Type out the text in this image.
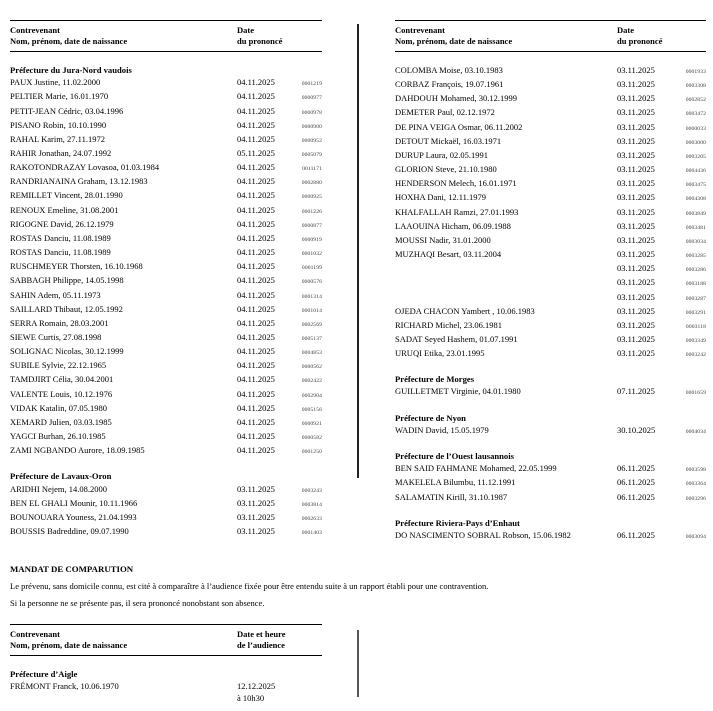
Contrevenant
Nom, prénom, date de naissance
Date
du prononcé
Préfecture du Jura-Nord vaudois
PAUX Justine, 11.02.2000	04.11.2025	0001219
PELTIER Marie, 16.01.1970	04.11.2025	0000977
PETIT-JEAN Cédric, 03.04.1996	04.11.2025	0000978
PISANO Robin, 10.10.1990	04.11.2025	0000900
RAHAL Karim, 27.11.1972	04.11.2025	0000952
RAHIR Jonathan, 24.07.1992	05.11.2025	0005079
RAKOTONDRAZAY Lovasoa, 01.03.1984	04.11.2025	0011171
RANDRIANAINA Graham, 13.12.1983	04.11.2025	0002880
REMILLET Vincent, 28.01.1990	04.11.2025	0000925
RENOUX Emeline, 31.08.2001	04.11.2025	0001226
RIGOGNE David, 26.12.1979	04.11.2025	0000877
ROSTAS Danciu, 11.08.1989	04.11.2025	0000919
ROSTAS Danciu, 11.08.1989	04.11.2025	0001032
RUSCHMEYER Thorsten, 16.10.1968	04.11.2025	0001199
SABBAGH Philippe, 14.05.1998	04.11.2025	0000576
SAHIN Adem, 05.11.1973	04.11.2025	0001314
SAILLARD Thibaut, 12.05.1992	04.11.2025	0001014
SERRA Romain, 28.03.2001	04.11.2025	0002569
SIEWE Curtis, 27.08.1998	04.11.2025	0005137
SOLIGNAC Nicolas, 30.12.1999	04.11.2025	0004853
SUBILE Sylvie, 22.12.1965	04.11.2025	0000562
TAMDJIRT Célia, 30.04.2001	04.11.2025	0002422
VALENTE Louis, 10.12.1976	04.11.2025	0002904
VIDAK Katalin, 07.05.1980	04.11.2025	0005156
XEMARD Julien, 03.03.1985	04.11.2025	0000921
YAGCI Burhan, 26.10.1985	04.11.2025	0000582
ZAMI NGBANDO Aurore, 18.09.1985	04.11.2025	0001250
Préfecture de Lavaux-Oron
ARIDHI Nejem, 14.08.2000	03.11.2025	0003243
BEN EL GHALI Mounir, 10.11.1966	03.11.2025	0003814
BOUNOUARA Youness, 21.04.1993	03.11.2025	0002633
BOUSSIS Badreddine, 09.07.1990	03.11.2025	0001403
Contrevenant
Nom, prénom, date de naissance
Date
du prononcé
COLOMBA Moise, 03.10.1983	03.11.2025	0001933
CORBAZ François, 19.07.1961	03.11.2025	0003308
DAHDOUH Mohamed, 30.12.1999	03.11.2025	0002852
DEMETER Paul, 02.12.1972	03.11.2025	0003472
DE PINA VEIGA Osmar, 06.11.2002	03.11.2025	0000033
DETOUT Mickaël, 16.03.1971	03.11.2025	0003000
DURUP Laura, 02.05.1991	03.11.2025	0003205
GLORION Steve, 21.10.1980	03.11.2025	0004436
HENDERSON Melech, 16.01.1971	03.11.2025	0003475
HOXHA Dani, 12.11.1979	03.11.2025	0004308
KHALFALLAH Ramzi, 27.01.1993	03.11.2025	0003849
LAAOUINA Hicham, 06.09.1988	03.11.2025	0003481
MOUSSI Nadir, 31.01.2000	03.11.2025	0003034
MUZHAQI Besart, 03.11.2004	03.11.2025	0003285
03.11.2025	0003286
03.11.2025	0003188
03.11.2025	0003287
OJEDA CHACON Yambert , 10.06.1983	03.11.2025	0003291
RICHARD Michel, 23.06.1981	03.11.2025	0003118
SADAT Seyed Hashem, 01.07.1991	03.11.2025	0003349
URUQI Etika, 23.01.1995	03.11.2025	0003242
Préfecture de Morges
GUILLETMET Virginie, 04.01.1980	07.11.2025	0001659
Préfecture de Nyon
WADIN David, 15.05.1979	30.10.2025	0004034
Préfecture de l’Ouest lausannois
BEN SAID FAHMANE Mohamed, 22.05.1999	06.11.2025	0003598
MAKELELA Bilumbu, 11.12.1991	06.11.2025	0003364
SALAMATIN Kirill, 31.10.1987	06.11.2025	0003296
Préfecture Riviera-Pays d’Enhaut
DO NASCIMENTO SOBRAL Robson, 15.06.1982	06.11.2025	0003094
MANDAT DE COMPARUTION

Le prévenu, sans domicile connu, est cité à comparaître à l’audience fixée pour être entendu suite à un rapport établi pour une contravention.

Si la personne ne se présente pas, il sera prononcé nonobstant son absence.

Contrevenant
Nom, prénom, date de naissance
Date et heure
de l’audience
Préfecture d’Aigle
FRÉMONT Franck, 10.06.1970	12.12.2025
à 10h30
